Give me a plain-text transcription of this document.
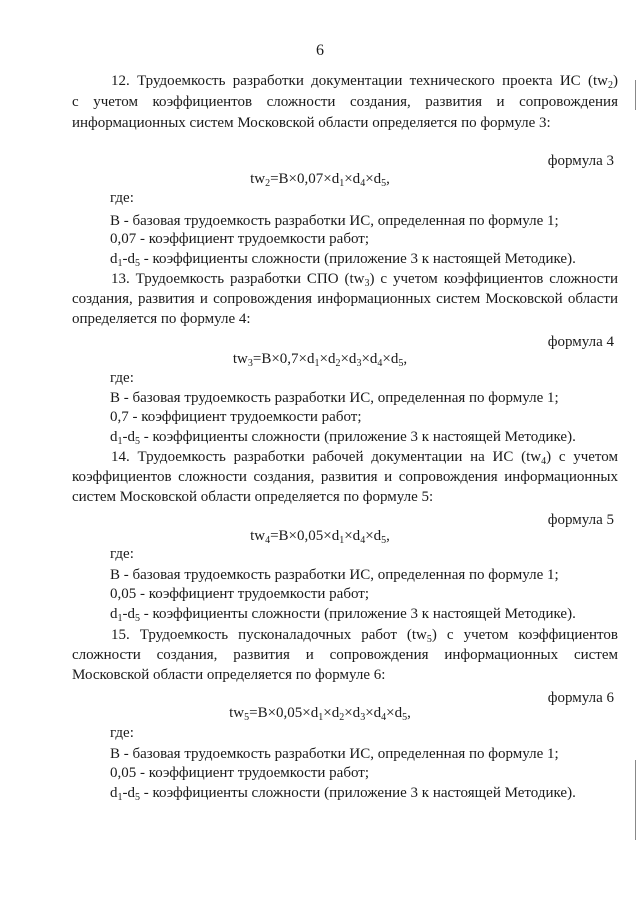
6
12. Трудоемкость разработки документации технического проекта ИС $(tw_2)$
с учетом коэффициентов сложности создания, развития и сопровождения
информационных систем Московской области определяется по формуле 3:
формула 3
$tw_2=B\times 0,07\times d_1\times d_4\times d_5$,
где:
В - базовая трудоемкость разработки ИС, определенная по формуле 1;
0,07 - коэффициент трудоемкости работ;
$d_1-d_5$ - коэффициенты сложности (приложение 3 к настоящей Методике).
13. Трудоемкость разработки СПО $(tw_3)$ с учетом коэффициентов сложности
создания, развития и сопровождения информационных систем Московской области
определяется по формуле 4:
формула 4
$tw_3=B\times 0,7\times d_1\times d_2\times d_3\times d_4\times d_5$,
где:
В - базовая трудоемкость разработки ИС, определенная по формуле 1;
0,7 - коэффициент трудоемкости работ;
$d_1-d_5$ - коэффициенты сложности (приложение 3 к настоящей Методике).
14. Трудоемкость разработки рабочей документации на ИС $(tw_4)$ с учетом
коэффициентов сложности создания, развития и сопровождения информационных
систем Московской области определяется по формуле 5:
формула 5
$tw_4=B\times 0,05\times d_1\times d_4\times d_5$,
где:
В - базовая трудоемкость разработки ИС, определенная по формуле 1;
0,05 - коэффициент трудоемкости работ;
$d_1-d_5$ - коэффициенты сложности (приложение 3 к настоящей Методике).
15. Трудоемкость пусконаладочных работ $(tw_5)$ с учетом коэффициентов
сложности создания, развития и сопровождения информационных систем
Московской области определяется по формуле 6:
формула 6
$tw_5=B\times 0,05\times d_1\times d_2\times d_3\times d_4\times d_5$,
где:
В - базовая трудоемкость разработки ИС, определенная по формуле 1;
0,05 - коэффициент трудоемкости работ;
$d_1-d_5$ - коэффициенты сложности (приложение 3 к настоящей Методике).
